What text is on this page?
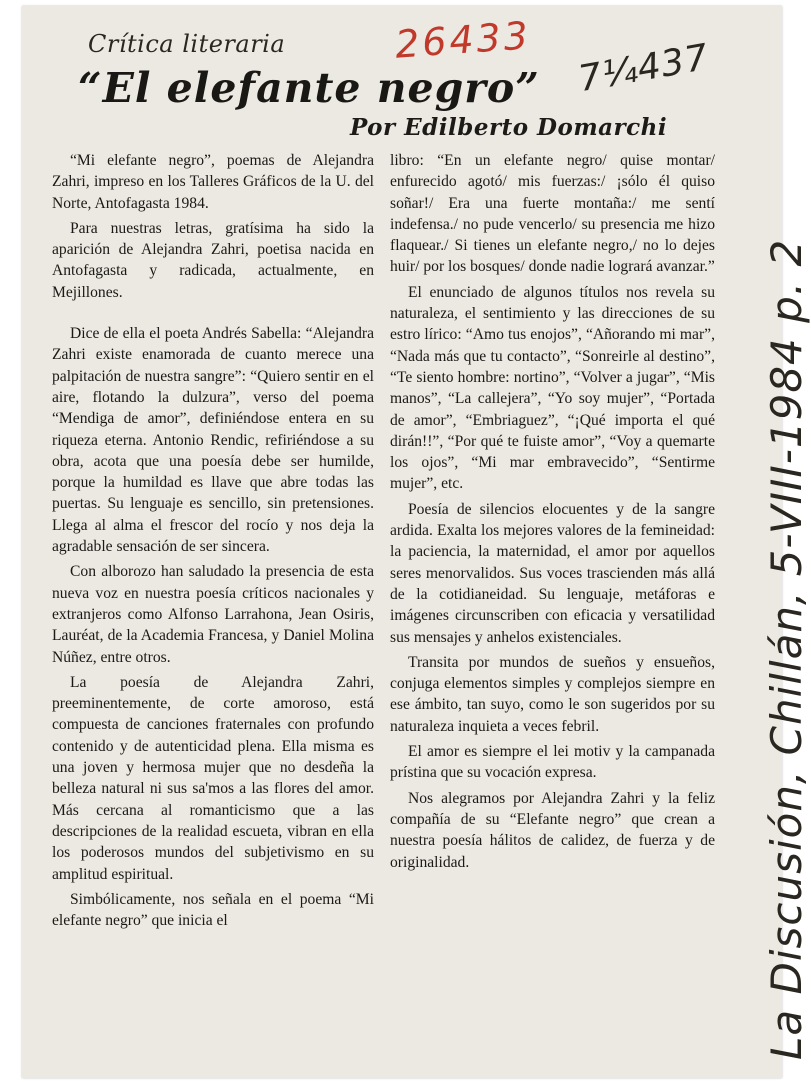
Crítica literaria
“El elefante negro”
Por Edilberto Domarchi
26433 7¼437
La Discusión, Chillán, 5-VIII-1984 p. 2

“Mi elefante negro”, poemas de Alejandra Zahri, impreso en los Talleres Gráficos de la U. del Norte, Antofagasta 1984.

Para nuestras letras, gratísima ha sido la aparición de Alejandra Zahri, poetisa nacida en Antofagasta y radicada, actualmente, en Mejillones.

Dice de ella el poeta Andrés Sabella: “Alejandra Zahri existe enamorada de cuanto merece una palpitación de nuestra sangre”: “Quiero sentir en el aire, flotando la dulzura”, verso del poema “Mendiga de amor”, definiéndose entera en su riqueza eterna. Antonio Rendic, refiriéndose a su obra, acota que una poesía debe ser humilde, porque la humildad es llave que abre todas las puertas. Su lenguaje es sencillo, sin pretensiones. Llega al alma el frescor del rocío y nos deja la agradable sensación de ser sincera.

Con alborozo han saludado la presencia de esta nueva voz en nuestra poesía críticos nacionales y extranjeros como Alfonso Larrahona, Jean Osiris, Lauréat, de la Academia Francesa, y Daniel Molina Núñez, entre otros.

La poesía de Alejandra Zahri, preeminentemente, de corte amoroso, está compuesta de canciones fraternales con profundo contenido y de autenticidad plena. Ella misma es una joven y hermosa mujer que no desdeña la belleza natural ni sus sa'mos a las flores del amor. Más cercana al romanticismo que a las descripciones de la realidad escueta, vibran en ella los poderosos mundos del subjetivismo en su amplitud espiritual.

Simbólicamente, nos señala en el poema “Mi elefante negro” que inicia el

libro: “En un elefante negro/ quise montar/ enfurecido agotó/ mis fuerzas:/ ¡sólo él quiso soñar!/ Era una fuerte montaña:/ me sentí indefensa./ no pude vencerlo/ su presencia me hizo flaquear./ Si tienes un elefante negro,/ no lo dejes huir/ por los bosques/ donde nadie logrará avanzar.”

El enunciado de algunos títulos nos revela su naturaleza, el sentimiento y las direcciones de su estro lírico: “Amo tus enojos”, “Añorando mi mar”, “Nada más que tu contacto”, “Sonreirle al destino”, “Te siento hombre: nortino”, “Volver a jugar”, “Mis manos”, “La callejera”, “Yo soy mujer”, “Portada de amor”, “Embriaguez”, “¡Qué importa el qué dirán!!”, “Por qué te fuiste amor”, “Voy a quemarte los ojos”, “Mi mar embravecido”, “Sentirme mujer”, etc.

Poesía de silencios elocuentes y de la sangre ardida. Exalta los mejores valores de la femineidad: la paciencia, la maternidad, el amor por aquellos seres menorvalidos. Sus voces trascienden más allá de la cotidianeidad. Su lenguaje, metáforas e imágenes circunscriben con eficacia y versatilidad sus mensajes y anhelos existenciales.

Transita por mundos de sueños y ensueños, conjuga elementos simples y complejos siempre en ese ámbito, tan suyo, como le son sugeridos por su naturaleza inquieta a veces febril.

El amor es siempre el lei motiv y la campanada prístina que su vocación expresa.

Nos alegramos por Alejandra Zahri y la feliz compañía de su “Elefante negro” que crean a nuestra poesía hálitos de calidez, de fuerza y de originalidad.
